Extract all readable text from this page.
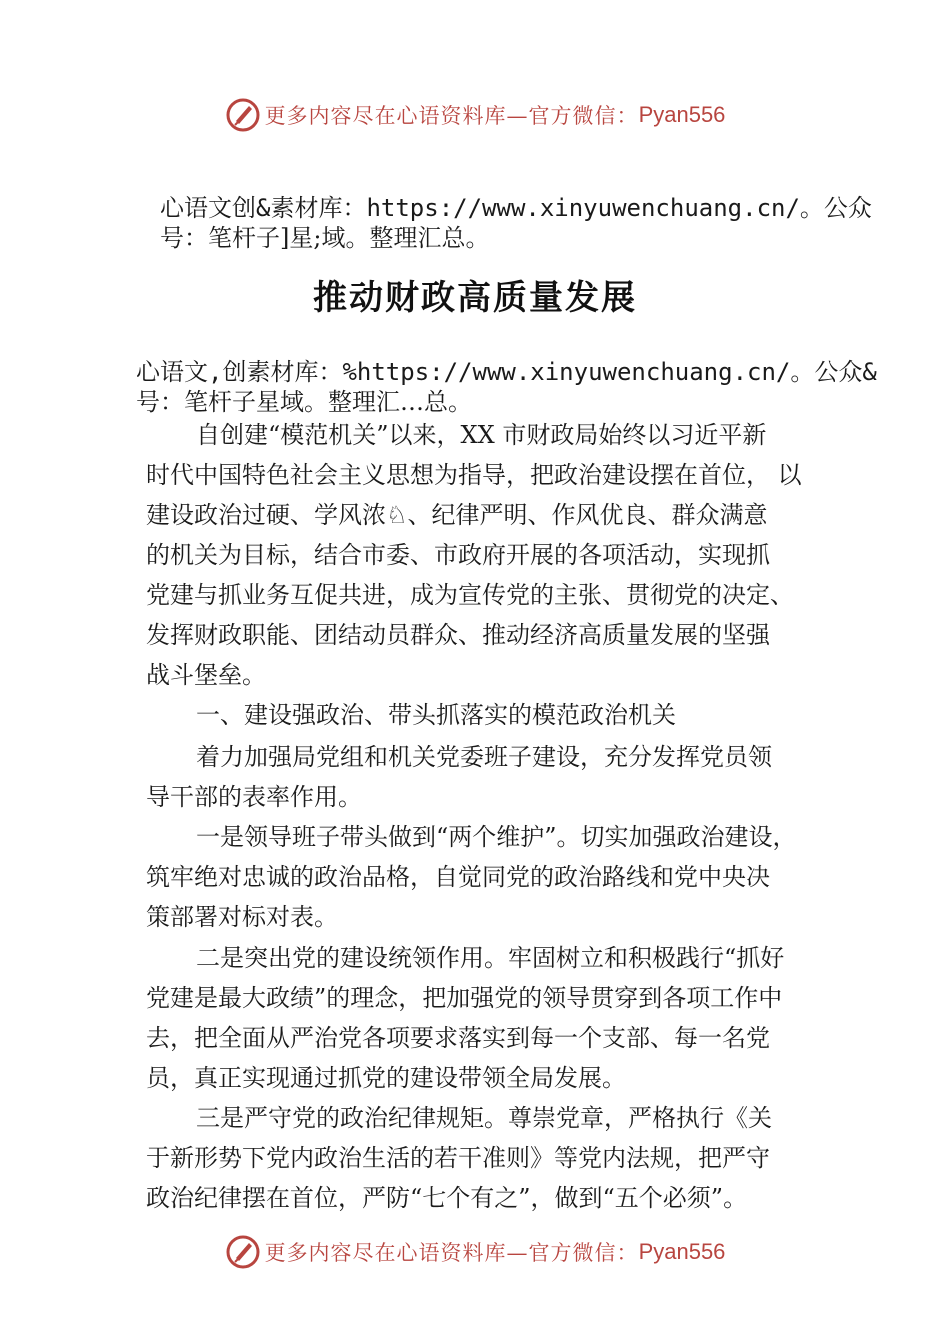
更多内容尽在心语资料库—官方微信： Pyan556
心语文创&素材库：https://www.xinyuwenchuang.cn/。公众
号：笔杆子]星;域。整理汇总。
推动财政高质量发展
心语文,创素材库：%https://www.xinyuwenchuang.cn/。公众&
号：笔杆子星域。整理汇…总。
自创建“模范机关”以来，XX 市财政局始终以习近平新
时代中国特色社会主义思想为指导，把政治建设摆在首位， 以
建设政治过硬、学风浓♘、纪律严明、作风优良、群众满意
的机关为目标，结合市委、市政府开展的各项活动，实现抓
党建与抓业务互促共进，成为宣传党的主张、贯彻党的决定、
发挥财政职能、团结动员群众、推动经济高质量发展的坚强
战斗堡垒。
一、建设强政治、带头抓落实的模范政治机关
着力加强局党组和机关党委班子建设，充分发挥党员领
导干部的表率作用。
一是领导班子带头做到“两个维护”。切实加强政治建设，
筑牢绝对忠诚的政治品格，自觉同党的政治路线和党中央决
策部署对标对表。
二是突出党的建设统领作用。牢固树立和积极践行“抓好
党建是最大政绩”的理念，把加强党的领导贯穿到各项工作中
去，把全面从严治党各项要求落实到每一个支部、每一名党
员，真正实现通过抓党的建设带领全局发展。
三是严守党的政治纪律规矩。尊崇党章，严格执行《关
于新形势下党内政治生活的若干准则》等党内法规，把严守
政治纪律摆在首位，严防“七个有之”，做到“五个必须”。
更多内容尽在心语资料库—官方微信： Pyan556
